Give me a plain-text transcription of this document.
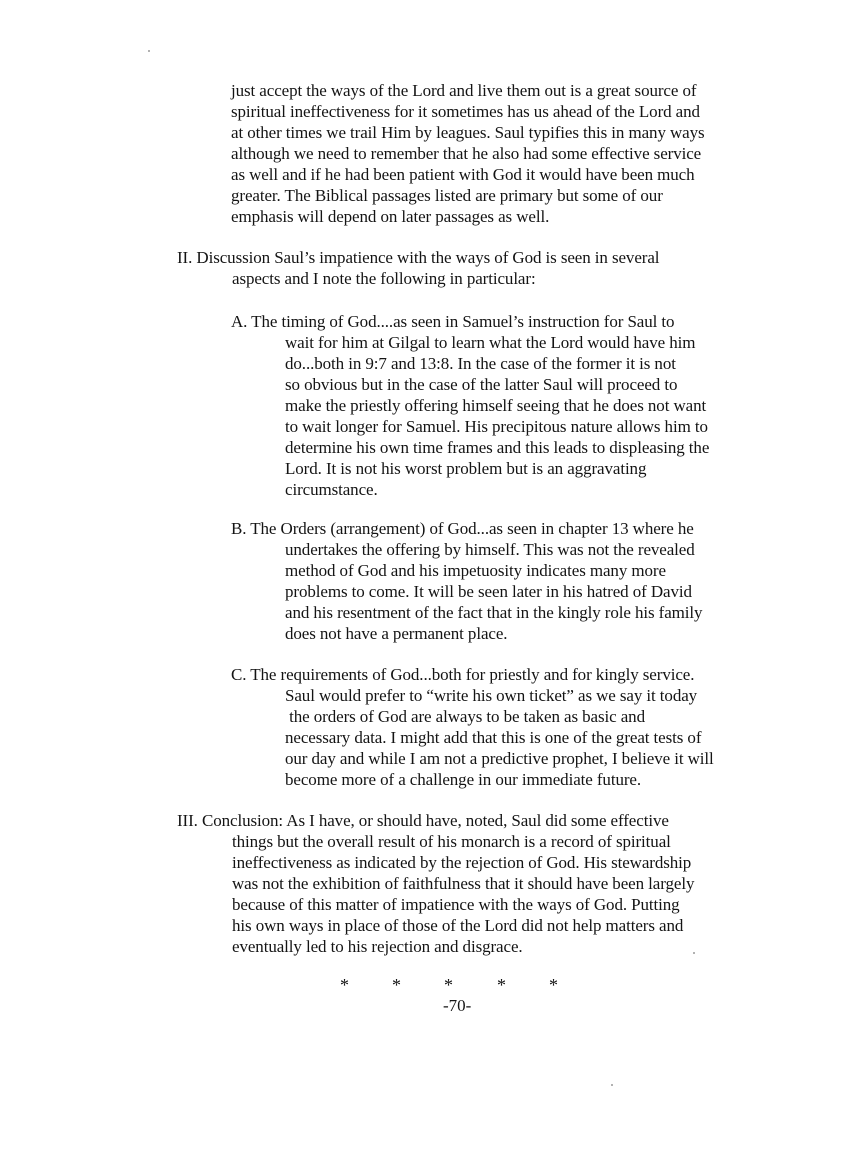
just accept the ways of the Lord and live them out is a great source of
spiritual ineffectiveness for it sometimes has us ahead of the Lord and
at other times we trail Him by leagues. Saul typifies this in many ways
although we need to remember that he also had some effective service
as well and if he had been patient with God it would have been much
greater. The Biblical passages listed are primary but some of our
emphasis will depend on later passages as well.
II. Discussion Saul’s impatience with the ways of God is seen in several
aspects and I note the following in particular:
A. The timing of God....as seen in Samuel’s instruction for Saul to
wait for him at Gilgal to learn what the Lord would have him
do...both in 9:7 and 13:8. In the case of the former it is not
so obvious but in the case of the latter Saul will proceed to
make the priestly offering himself seeing that he does not want
to wait longer for Samuel. His precipitous nature allows him to
determine his own time frames and this leads to displeasing the
Lord. It is not his worst problem but is an aggravating
circumstance.
B. The Orders (arrangement) of God...as seen in chapter 13 where he
undertakes the offering by himself. This was not the revealed
method of God and his impetuosity indicates many more
problems to come. It will be seen later in his hatred of David
and his resentment of the fact that in the kingly role his family
does not have a permanent place.
C. The requirements of God...both for priestly and for kingly service.
Saul would prefer to “write his own ticket” as we say it today
the orders of God are always to be taken as basic and
necessary data. I might add that this is one of the great tests of
our day and while I am not a predictive prophet, I believe it will
become more of a challenge in our immediate future.
III. Conclusion: As I have, or should have, noted, Saul did some effective
things but the overall result of his monarch is a record of spiritual
ineffectiveness as indicated by the rejection of God. His stewardship
was not the exhibition of faithfulness that it should have been largely
because of this matter of impatience with the ways of God. Putting
his own ways in place of those of the Lord did not help matters and
eventually led to his rejection and disgrace.
* * * * *
-70-
